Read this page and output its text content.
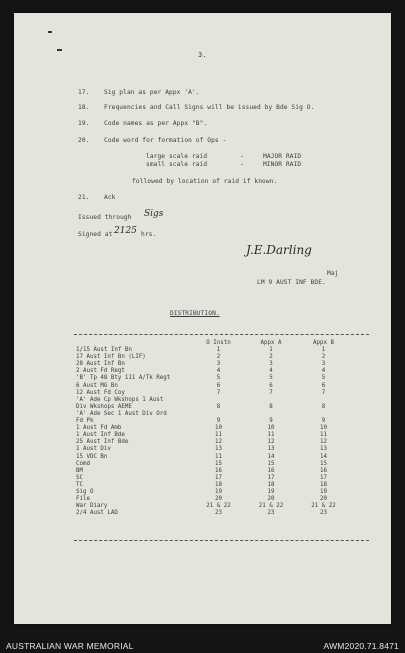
3.
17. Sig plan as per Appx 'A'.
18. Frequencies and Call Signs will be issued by Bde Sig O.
19. Code names as per Appx "B".
20. Code word for formation of Ops -
large scale raid	-	MAJOR RAID
small scale raid	-	MINOR RAID
followed by location of raid if known.
21. Ack
Issued through Sigs
Signed at 2125 hrs.
J.E.Darling
Maj
LM 9 AUST INF BDE.
DISTRIBUTION.
	O Instn	Appx A	Appx B
1/15 Aust Inf Bn	1	1	1
17 Aust Inf Bn (LIF)	2	2	2
28 Aust Inf Bn	3	3	3
2 Aust Fd Regt	4	4	4
'B' Tp 48 Bty 111 A/Tk Regt	5	5	5
6 Aust MG Bn	6	6	6
12 Aust Fd Coy	7	7	7
'A' Ade Cp Wkshops 1 Aust			
Div Wkshops AEME	8	8	8
'A' Ade Sec 1 Aust Div Ord			
Fd Pk	9	9	9
1 Aust Fd Amb	10	10	10
1 Aust Inf Bde	11	11	11
25 Aust Inf Bde	12	12	12
1 Aust Div	13	13	13
15 VDC Bn	11	14	14
Comd	15	15	15
BM	16	16	16
SC	17	17	17
TC	18	18	18
Sig O	19	19	19
File	20	20	20
War Diary	21 & 22	21 & 22	21 & 22
2/4 Aust LAD	23	23	23
AUSTRALIAN WAR MEMORIAL	AWM2020.71.8471
